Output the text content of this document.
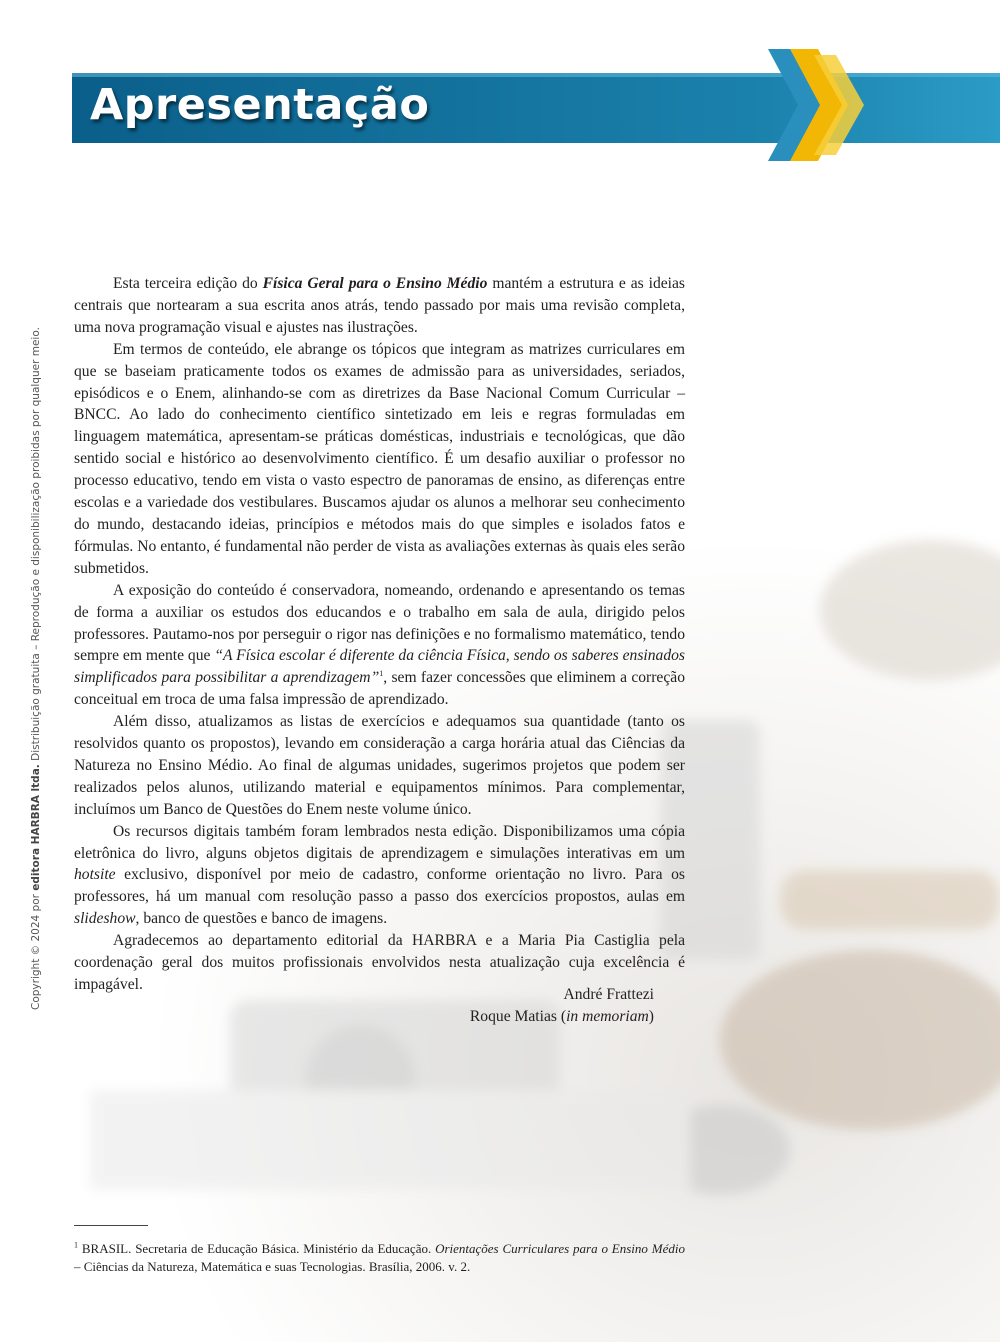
Apresentação
Copyright © 2024 por editora HARBRA ltda. Distribuição gratuita – Reprodução e disponibilização proibidas por qualquer meio.

Esta terceira edição do Física Geral para o Ensino Médio mantém a estrutura e as ideias centrais que nortearam a sua escrita anos atrás, tendo passado por mais uma revisão completa, uma nova programação visual e ajustes nas ilustrações.

Em termos de conteúdo, ele abrange os tópicos que integram as matrizes curriculares em que se baseiam praticamente todos os exames de admissão para as universidades, seriados, episódicos e o Enem, alinhando-se com as diretrizes da Base Nacional Comum Curricular – BNCC. Ao lado do conhecimento científico sintetizado em leis e regras formuladas em linguagem matemática, apresentam-se práticas domésticas, industriais e tecnológicas, que dão sentido social e histórico ao desenvolvimento científico. É um desafio auxiliar o professor no processo educativo, tendo em vista o vasto espectro de panoramas de ensino, as diferenças entre escolas e a variedade dos vestibulares. Buscamos ajudar os alunos a melhorar seu conhecimento do mundo, destacando ideias, princípios e métodos mais do que simples e isolados fatos e fórmulas. No entanto, é fundamental não perder de vista as avaliações externas às quais eles serão submetidos.

A exposição do conteúdo é conservadora, nomeando, ordenando e apresentando os temas de forma a auxiliar os estudos dos educandos e o trabalho em sala de aula, dirigido pelos professores. Pautamo-nos por perseguir o rigor nas definições e no formalismo matemático, tendo sempre em mente que “A Física escolar é diferente da ciência Física, sendo os saberes ensinados simplificados para possibilitar a aprendizagem”$^1$, sem fazer concessões que eliminem a correção conceitual em troca de uma falsa impressão de aprendizado.

Além disso, atualizamos as listas de exercícios e adequamos sua quantidade (tanto os resolvidos quanto os propostos), levando em consideração a carga horária atual das Ciências da Natureza no Ensino Médio. Ao final de algumas unidades, sugerimos projetos que podem ser realizados pelos alunos, utilizando material e equipamentos mínimos. Para complementar, incluímos um Banco de Questões do Enem neste volume único.

Os recursos digitais também foram lembrados nesta edição. Disponibilizamos uma cópia eletrônica do livro, alguns objetos digitais de aprendizagem e simulações interativas em um hotsite exclusivo, disponível por meio de cadastro, conforme orientação no livro. Para os professores, há um manual com resolução passo a passo dos exercícios propostos, aulas em slideshow, banco de questões e banco de imagens.

Agradecemos ao departamento editorial da HARBRA e a Maria Pia Castiglia pela coordenação geral dos muitos profissionais envolvidos nesta atualização cuja excelência é impagável.

André Frattezi
Roque Matias (in memoriam)
$^1$ BRASIL. Secretaria de Educação Básica. Ministério da Educação. Orientações Curriculares para o Ensino Médio – Ciências da Natureza, Matemática e suas Tecnologias. Brasília, 2006. v. 2.
